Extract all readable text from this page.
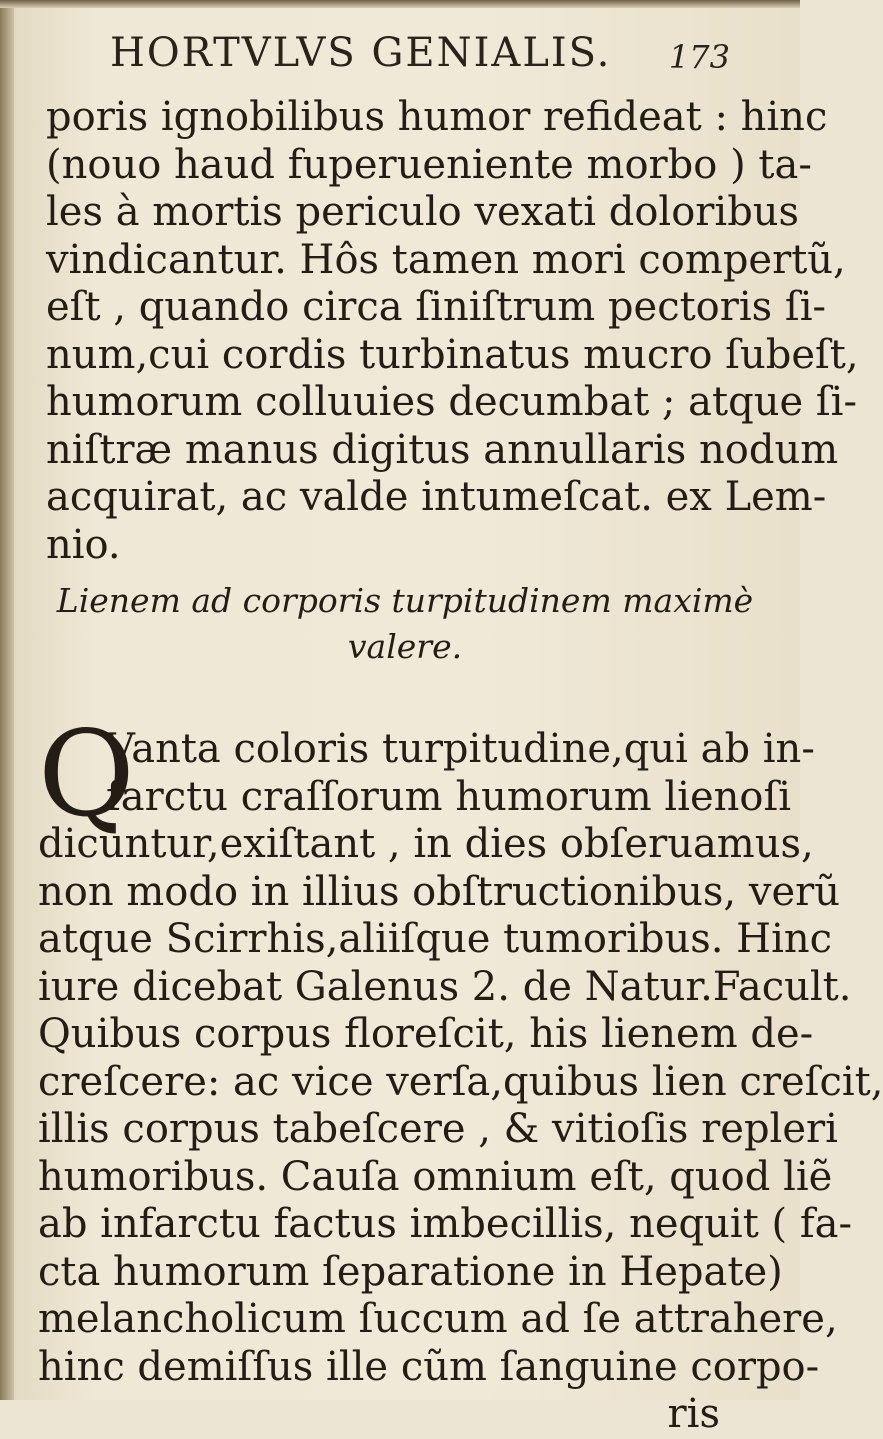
HORTVLVS GENIALIS. 173
poris ignobilibus humor refideat : hinc
(nouo haud fuperueniente morbo ) ta-
les à mortis periculo vexati doloribus
vindicantur. Hôs tamen mori compertũ,
eſt , quando circa ſiniſtrum pectoris ſi-
num,cui cordis turbinatus mucro ſubeſt,
humorum colluuies decumbat ; atque ſi-
niſtræ manus digitus annullaris nodum
acquirat, ac valde intumeſcat. ex Lem-
nio.
Lienem ad corporis turpitudinem maximè
valere.
Q
Vanta coloris turpitudine,qui ab in-
farctu craſſorum humorum lienoſi
dicuntur,exiſtant , in dies obſeruamus,
non modo in illius obſtructionibus, verũ
atque Scirrhis,aliiſque tumoribus. Hinc
iure dicebat Galenus 2. de Natur.Facult.
Quibus corpus floreſcit, his lienem de-
creſcere: ac vice verſa,quibus lien creſcit,
illis corpus tabeſcere , & vitioſis repleri
humoribus. Cauſa omnium eſt, quod liẽ
ab infarctu factus imbecillis, nequit ( fa-
cta humorum ſeparatione in Hepate)
melancholicum ſuccum ad ſe attrahere,
hinc demiſſus ille cũm ſanguine corpo-
ris
